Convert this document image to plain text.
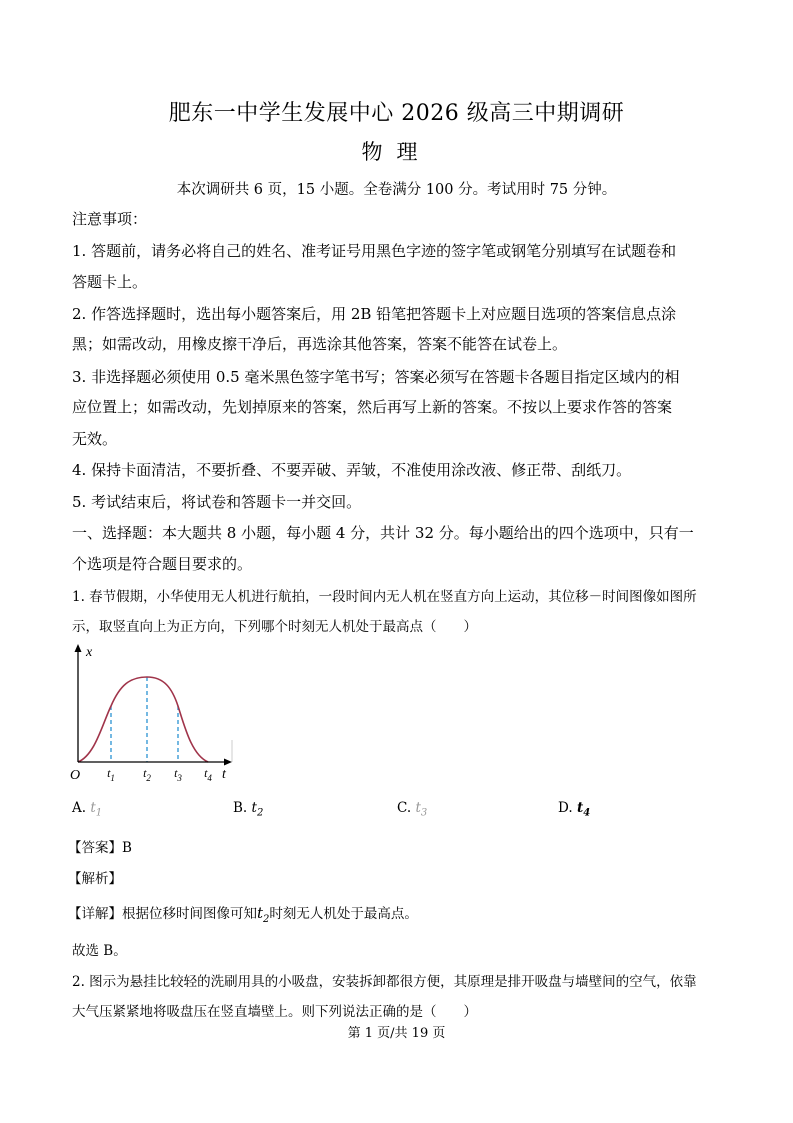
肥东一中学生发展中心 2026 级高三中期调研
物理
本次调研共 6 页，15 小题。全卷满分 100 分。考试用时 75 分钟。
注意事项：
1. 答题前，请务必将自己的姓名、准考证号用黑色字迹的签字笔或钢笔分别填写在试题卷和
答题卡上。
2. 作答选择题时，选出每小题答案后，用 2B 铅笔把答题卡上对应题目选项的答案信息点涂
黑；如需改动，用橡皮擦干净后，再选涂其他答案，答案不能答在试卷上。
3. 非选择题必须使用 0.5 毫米黑色签字笔书写；答案必须写在答题卡各题目指定区域内的相
应位置上；如需改动，先划掉原来的答案，然后再写上新的答案。不按以上要求作答的答案
无效。
4. 保持卡面清洁，不要折叠、不要弄破、弄皱，不准使用涂改液、修正带、刮纸刀。
5. 考试结束后，将试卷和答题卡一并交回。
一、选择题：本大题共 8 小题，每小题 4 分，共计 32 分。每小题给出的四个选项中，只有一
个选项是符合题目要求的。
1. 春节假期，小华使用无人机进行航拍，一段时间内无人机在竖直方向上运动，其位移－时间图像如图所
示，取竖直向上为正方向，下列哪个时刻无人机处于最高点（　　）
x
t
O $t_1$ $t_2$ $t_3$ $t_4$
A. $t_1$	B. $t_2$	C. $t_3$	D. $t_4$
【答案】B
【解析】
【详解】根据位移时间图像可知$t_2$时刻无人机处于最高点。
故选 B。
2. 图示为悬挂比较轻的洗刷用具的小吸盘，安装拆卸都很方便，其原理是排开吸盘与墙壁间的空气，依靠
大气压紧紧地将吸盘压在竖直墙壁上。则下列说法正确的是（　　）
第 1 页/共 19 页
